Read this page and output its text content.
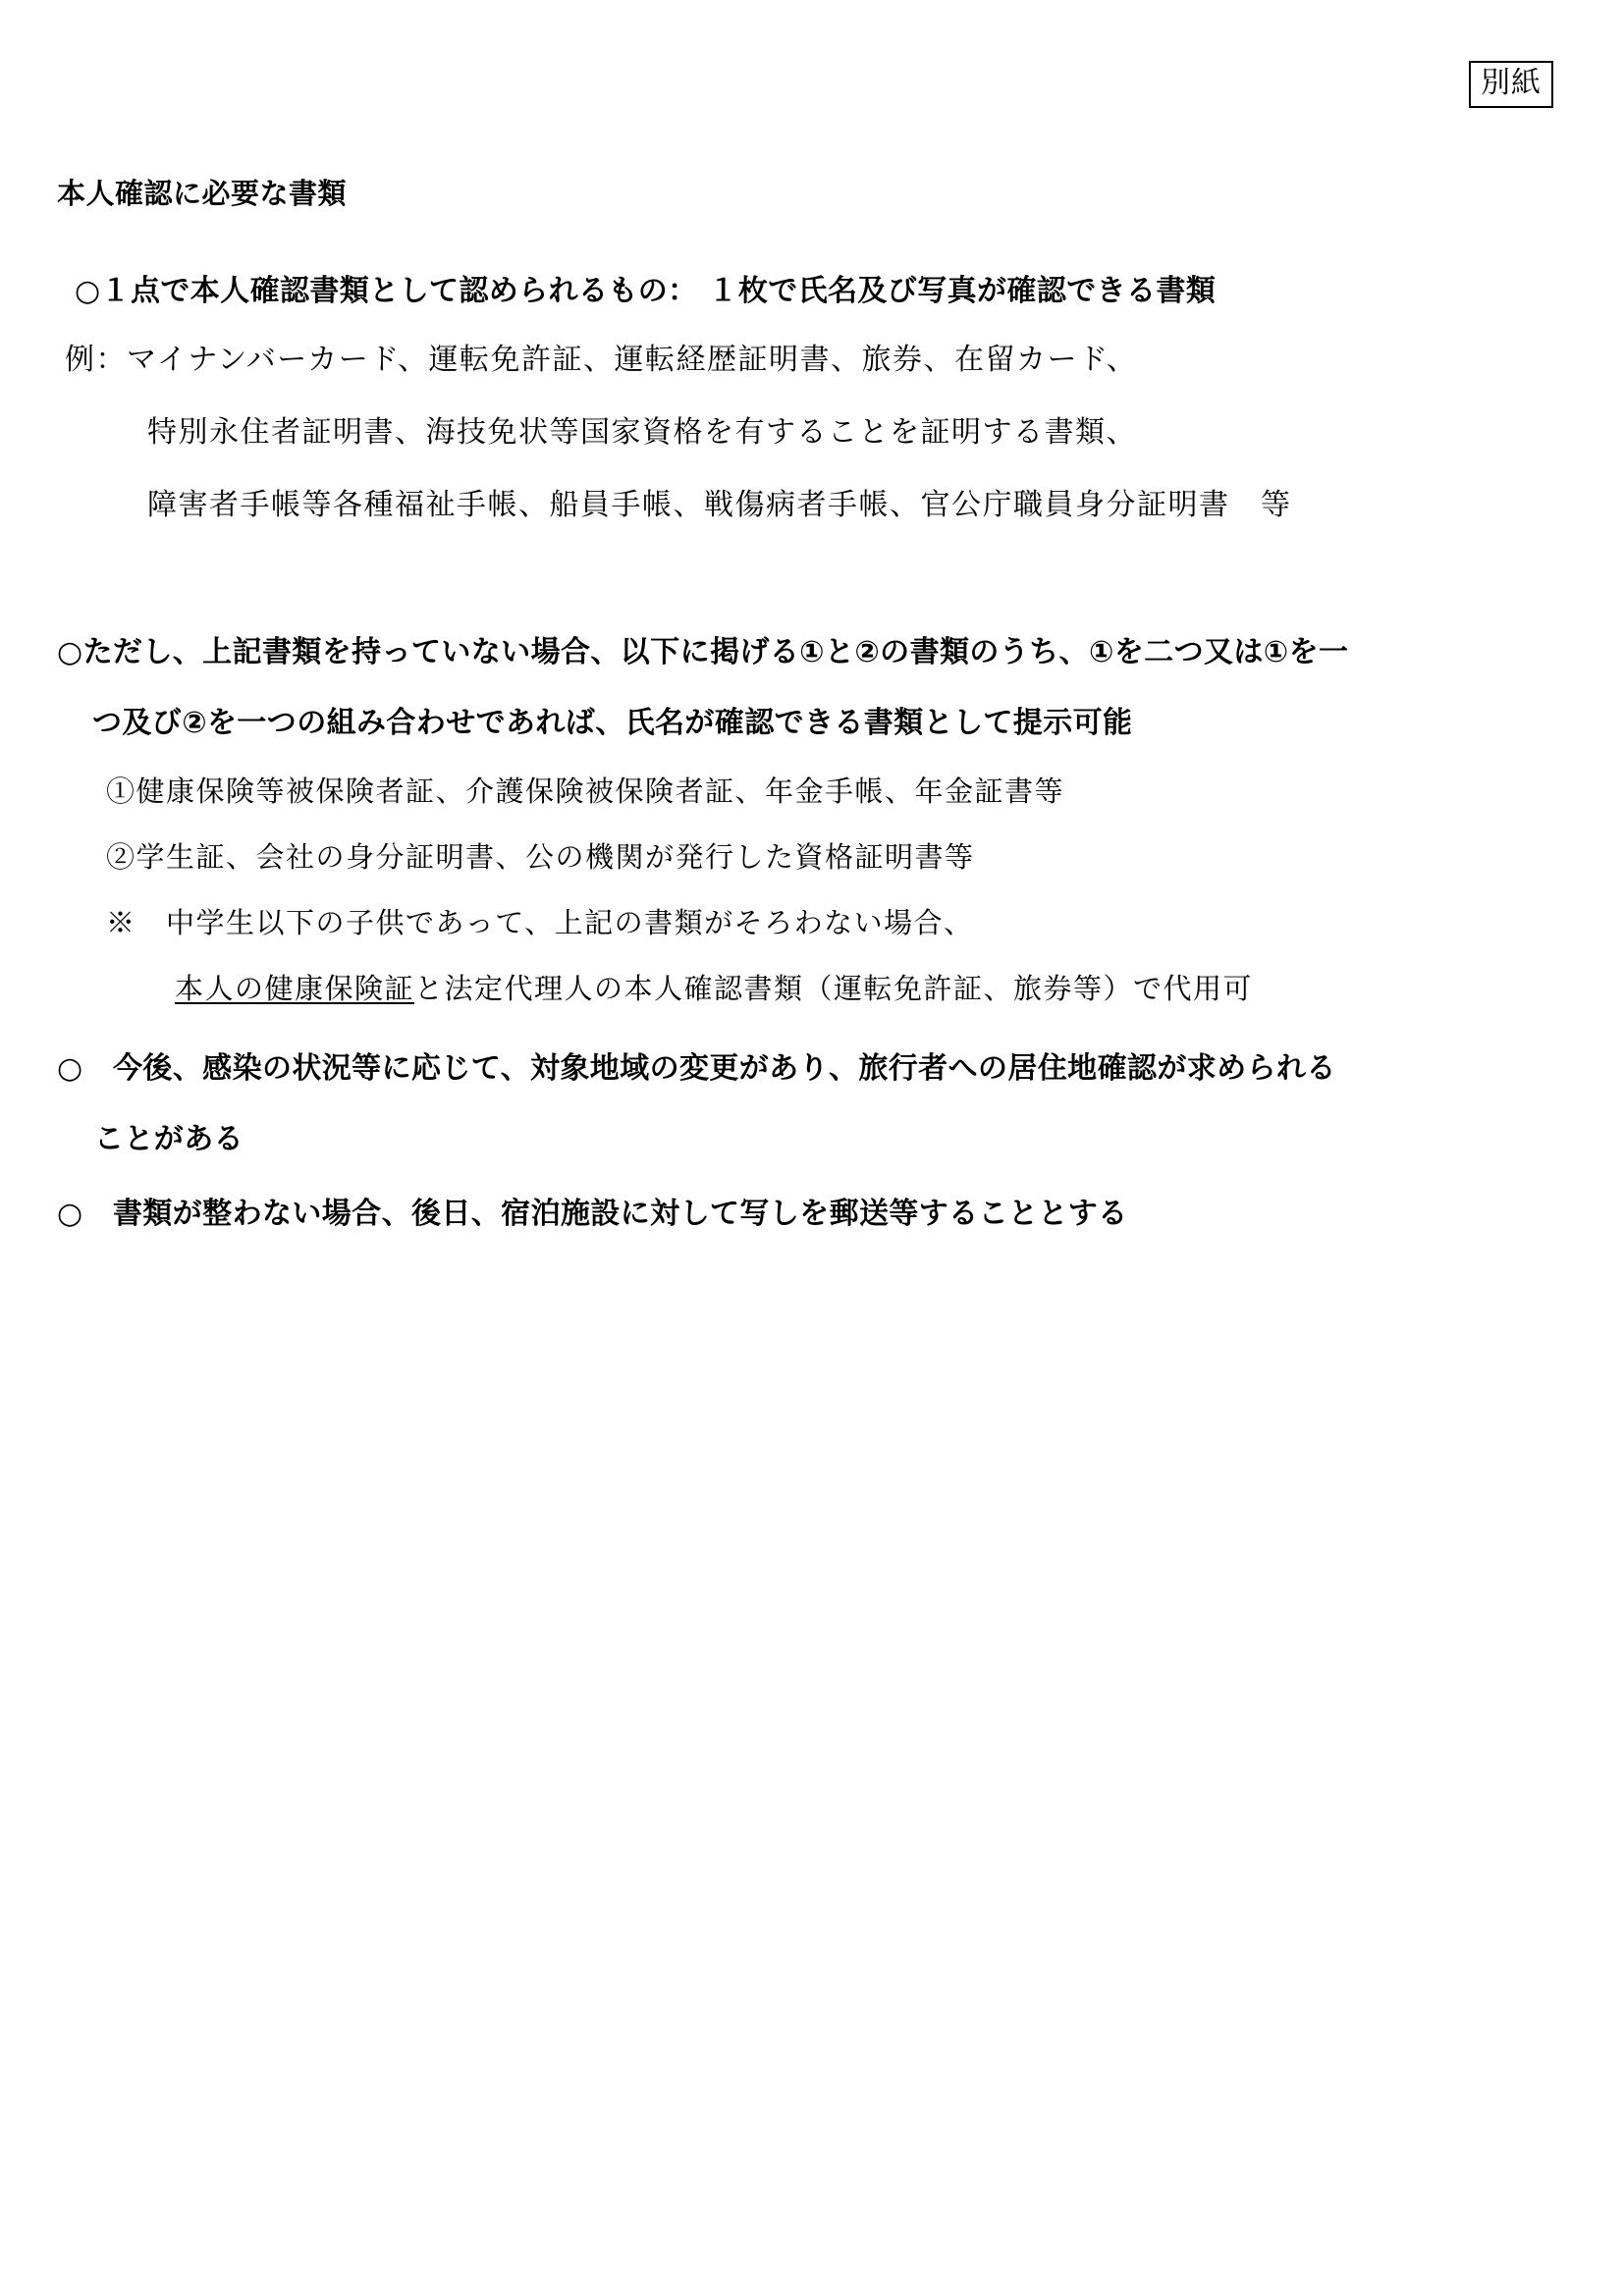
別紙
本人確認に必要な書類
○１点で本人確認書類として認められるもの： １枚で氏名及び写真が確認できる書類
例：マイナンバーカード、運転免許証、運転経歴証明書、旅券、在留カード、
特別永住者証明書、海技免状等国家資格を有することを証明する書類、
障害者手帳等各種福祉手帳、船員手帳、戦傷病者手帳、官公庁職員身分証明書　等
○ただし、上記書類を持っていない場合、以下に掲げる①と②の書類のうち、①を二つ又は①を一
つ及び②を一つの組み合わせであれば、氏名が確認できる書類として提示可能
①健康保険等被保険者証、介護保険被保険者証、年金手帳、年金証書等
②学生証、会社の身分証明書、公の機関が発行した資格証明書等
※　中学生以下の子供であって、上記の書類がそろわない場合、
本人の健康保険証と法定代理人の本人確認書類（運転免許証、旅券等）で代用可
○　今後、感染の状況等に応じて、対象地域の変更があり、旅行者への居住地確認が求められる
ことがある
○　書類が整わない場合、後日、宿泊施設に対して写しを郵送等することとする
